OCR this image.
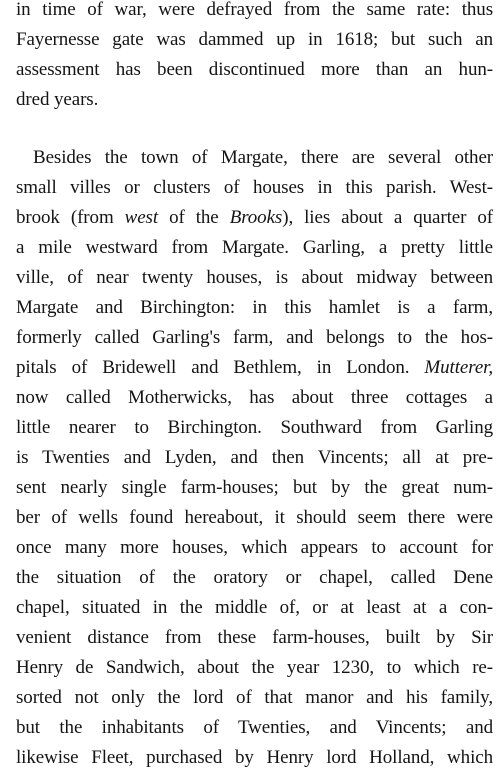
in time of war, were defrayed from the same rate: thus
Fayernesse gate was dammed up in 1618; but such an
assessment has been discontinued more than an hun-
dred years.
Besides the town of Margate, there are several other
small villes or clusters of houses in this parish. West-
brook (from west of the Brooks), lies about a quarter of
a mile westward from Margate. Garling, a pretty little
ville, of near twenty houses, is about midway between
Margate and Birchington: in this hamlet is a farm,
formerly called Garling's farm, and belongs to the hos-
pitals of Bridewell and Bethlem, in London. Mutterer,
now called Motherwicks, has about three cottages a
little nearer to Birchington. Southward from Garling
is Twenties and Lyden, and then Vincents; all at pre-
sent nearly single farm-houses; but by the great num-
ber of wells found hereabout, it should seem there were
once many more houses, which appears to account for
the situation of the oratory or chapel, called Dene
chapel, situated in the middle of, or at least at a con-
venient distance from these farm-houses, built by Sir
Henry de Sandwich, about the year 1230, to which re-
sorted not only the lord of that manor and his family,
but the inhabitants of Twenties, and Vincents; and
likewise Fleet, purchased by Henry lord Holland, which
